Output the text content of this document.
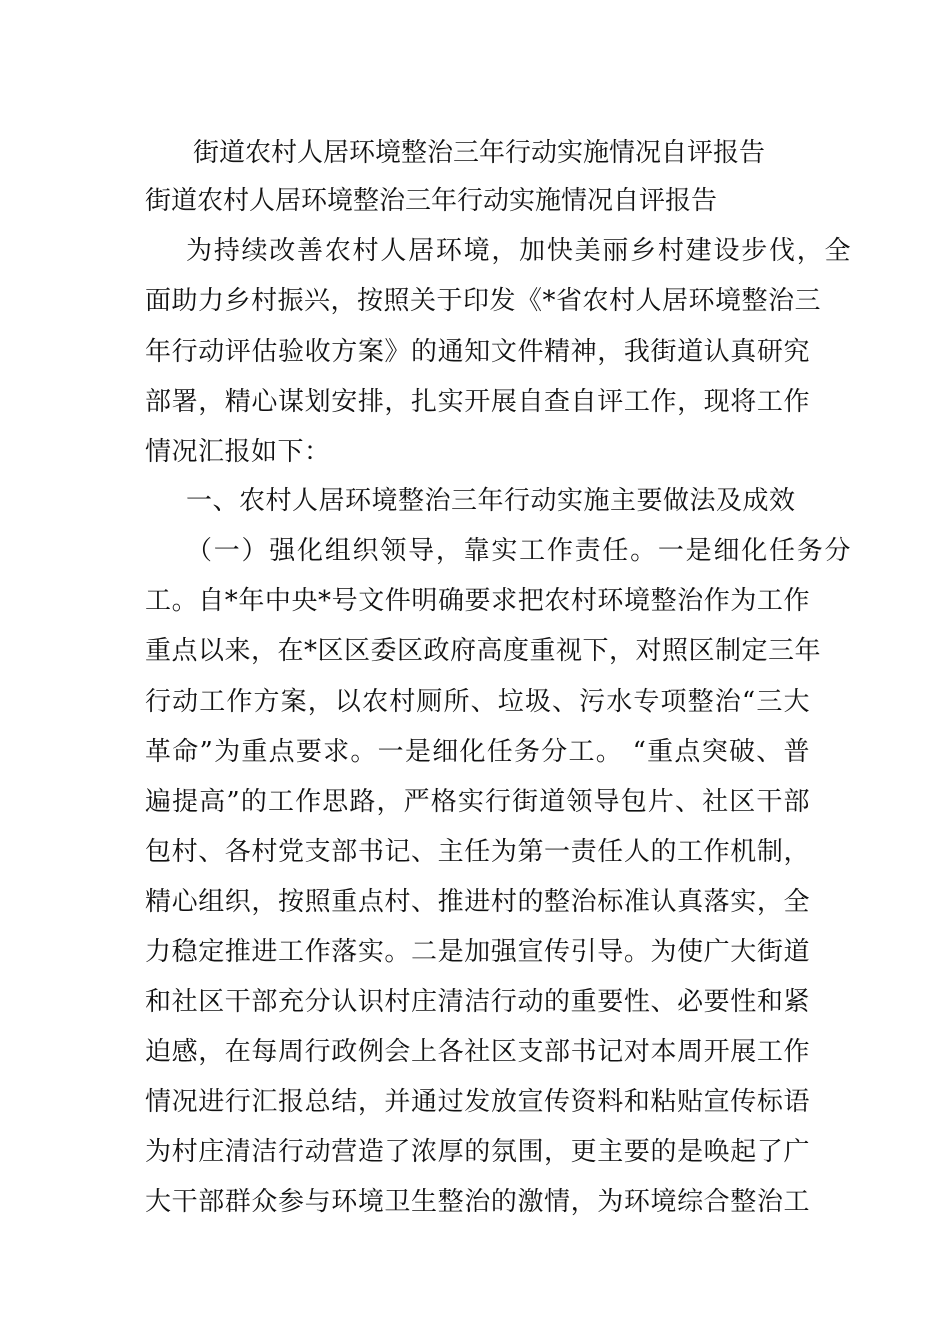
街道农村人居环境整治三年行动实施情况自评报告
街道农村人居环境整治三年行动实施情况自评报告
为持续改善农村人居环境，加快美丽乡村建设步伐，全
面助力乡村振兴，按照关于印发《*省农村人居环境整治三
年行动评估验收方案》的通知文件精神，我街道认真研究
部署，精心谋划安排，扎实开展自查自评工作，现将工作
情况汇报如下：
一、农村人居环境整治三年行动实施主要做法及成效
（一）强化组织领导，靠实工作责任。一是细化任务分
工。自*年中央*号文件明确要求把农村环境整治作为工作
重点以来，在*区区委区政府高度重视下，对照区制定三年
行动工作方案，以农村厕所、垃圾、污水专项整治“三大
革命”为重点要求。一是细化任务分工。 “重点突破、普
遍提高”的工作思路，严格实行街道领导包片、社区干部
包村、各村党支部书记、主任为第一责任人的工作机制，
精心组织，按照重点村、推进村的整治标准认真落实，全
力稳定推进工作落实。二是加强宣传引导。为使广大街道
和社区干部充分认识村庄清洁行动的重要性、必要性和紧
迫感，在每周行政例会上各社区支部书记对本周开展工作
情况进行汇报总结，并通过发放宣传资料和粘贴宣传标语
为村庄清洁行动营造了浓厚的氛围，更主要的是唤起了广
大干部群众参与环境卫生整治的激情，为环境综合整治工
